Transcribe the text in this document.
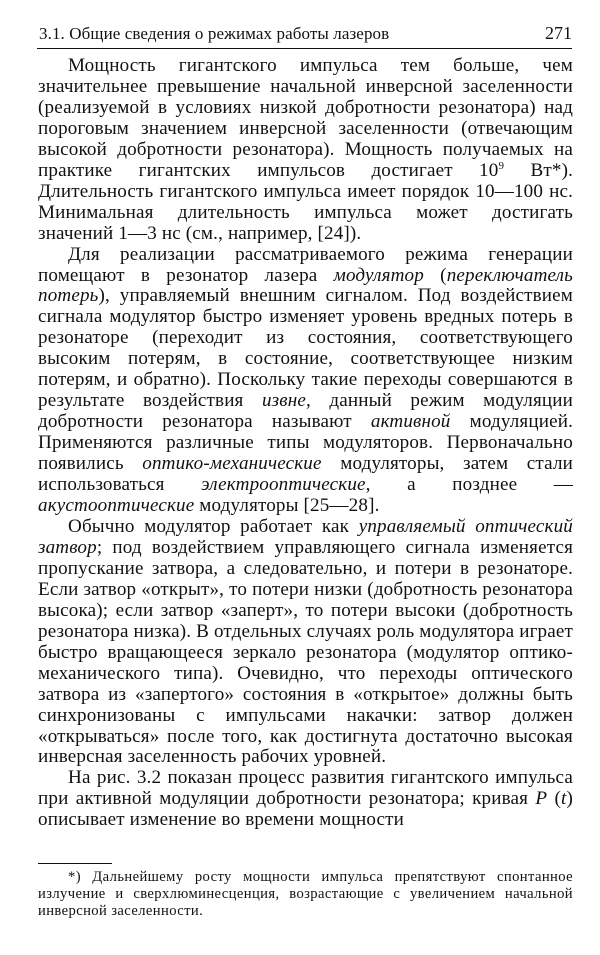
3.1. Общие сведения о режимах работы лазеров	271

Мощность гигантского импульса тем больше, чем значительнее превышение начальной инверсной заселенности (реализуемой в условиях низкой добротности резонатора) над пороговым значением инверсной заселенности (отвечающим высокой добротности резонатора). Мощность получаемых на практике гигантских импульсов достигает $10^9$ Вт*). Длительность гигантского импульса имеет порядок 10—100 нс. Минимальная длительность импульса может достигать значений 1—3 нс (см., например, [24]).

Для реализации рассматриваемого режима генерации помещают в резонатор лазера модулятор (переключатель потерь), управляемый внешним сигналом. Под воздействием сигнала модулятор быстро изменяет уровень вредных потерь в резонаторе (переходит из состояния, соответствующего высоким потерям, в состояние, соответствующее низким потерям, и обратно). Поскольку такие переходы совершаются в результате воздействия извне, данный режим модуляции добротности резонатора называют активной модуляцией. Применяются различные типы модуляторов. Первоначально появились оптико-механические модуляторы, затем стали использоваться электрооптические, а позднее — акустооптические модуляторы [25—28].

Обычно модулятор работает как управляемый оптический затвор; под воздействием управляющего сигнала изменяется пропускание затвора, а следовательно, и потери в резонаторе. Если затвор «открыт», то потери низки (добротность резонатора высока); если затвор «заперт», то потери высоки (добротность резонатора низка). В отдельных случаях роль модулятора играет быстро вращающееся зеркало резонатора (модулятор оптико-механического типа). Очевидно, что переходы оптического затвора из «запертого» состояния в «открытое» должны быть синхронизованы с импульсами накачки: затвор должен «открываться» после того, как достигнута достаточно высокая инверсная заселенность рабочих уровней.

На рис. 3.2 показан процесс развития гигантского импульса при активной модуляции добротности резонатора; кривая P (t) описывает изменение во времени мощности

*) Дальнейшему росту мощности импульса препятствуют спонтанное излучение и сверхлюминесценция, возрастающие с увеличением начальной инверсной заселенности.
